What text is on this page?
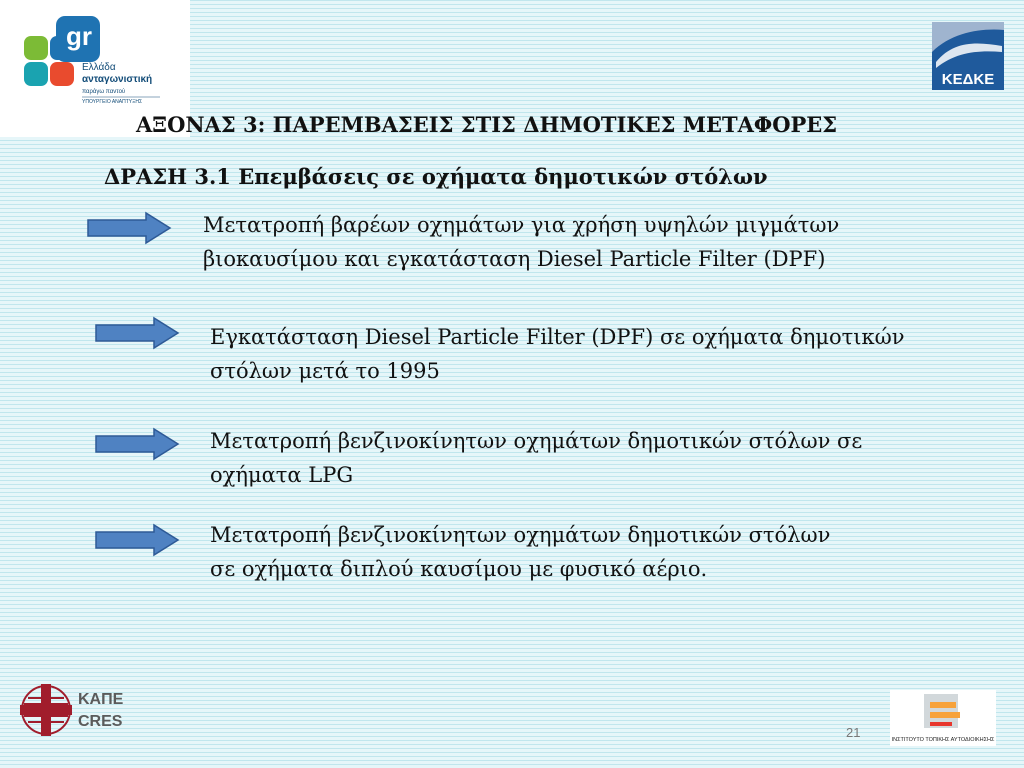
gr
Ελλάδα
ανταγωνιστική
παράγω παντού
ΥΠΟΥΡΓΕΙΟ ΑΝΑΠΤΥΞΗΣ
ΚΕΔΚΕ
ΑΞΟΝΑΣ 3: ΠΑΡΕΜΒΑΣΕΙΣ ΣΤΙΣ ΔΗΜΟΤΙΚΕΣ ΜΕΤΑΦΟΡΕΣ
ΔΡΑΣΗ 3.1 Επεμβάσεις σε οχήματα δημοτικών στόλων
Μετατροπή βαρέων οχημάτων για χρήση υψηλών μιγμάτων
βιοκαυσίμου και εγκατάσταση Diesel Particle Filter (DPF)
Εγκατάσταση Diesel Particle Filter (DPF) σε οχήματα δημοτικών
στόλων μετά το 1995
Μετατροπή βενζινοκίνητων οχημάτων δημοτικών στόλων σε
οχήματα LPG
Μετατροπή βενζινοκίνητων οχημάτων δημοτικών στόλων
σε οχήματα διπλού καυσίμου με φυσικό αέριο.
ΚΑΠΕ
CRES
21	ΙΝΣΤΙΤΟΥΤΟ ΤΟΠΙΚΗΣ ΑΥΤΟΔΙΟΙΚΗΣΗΣ
